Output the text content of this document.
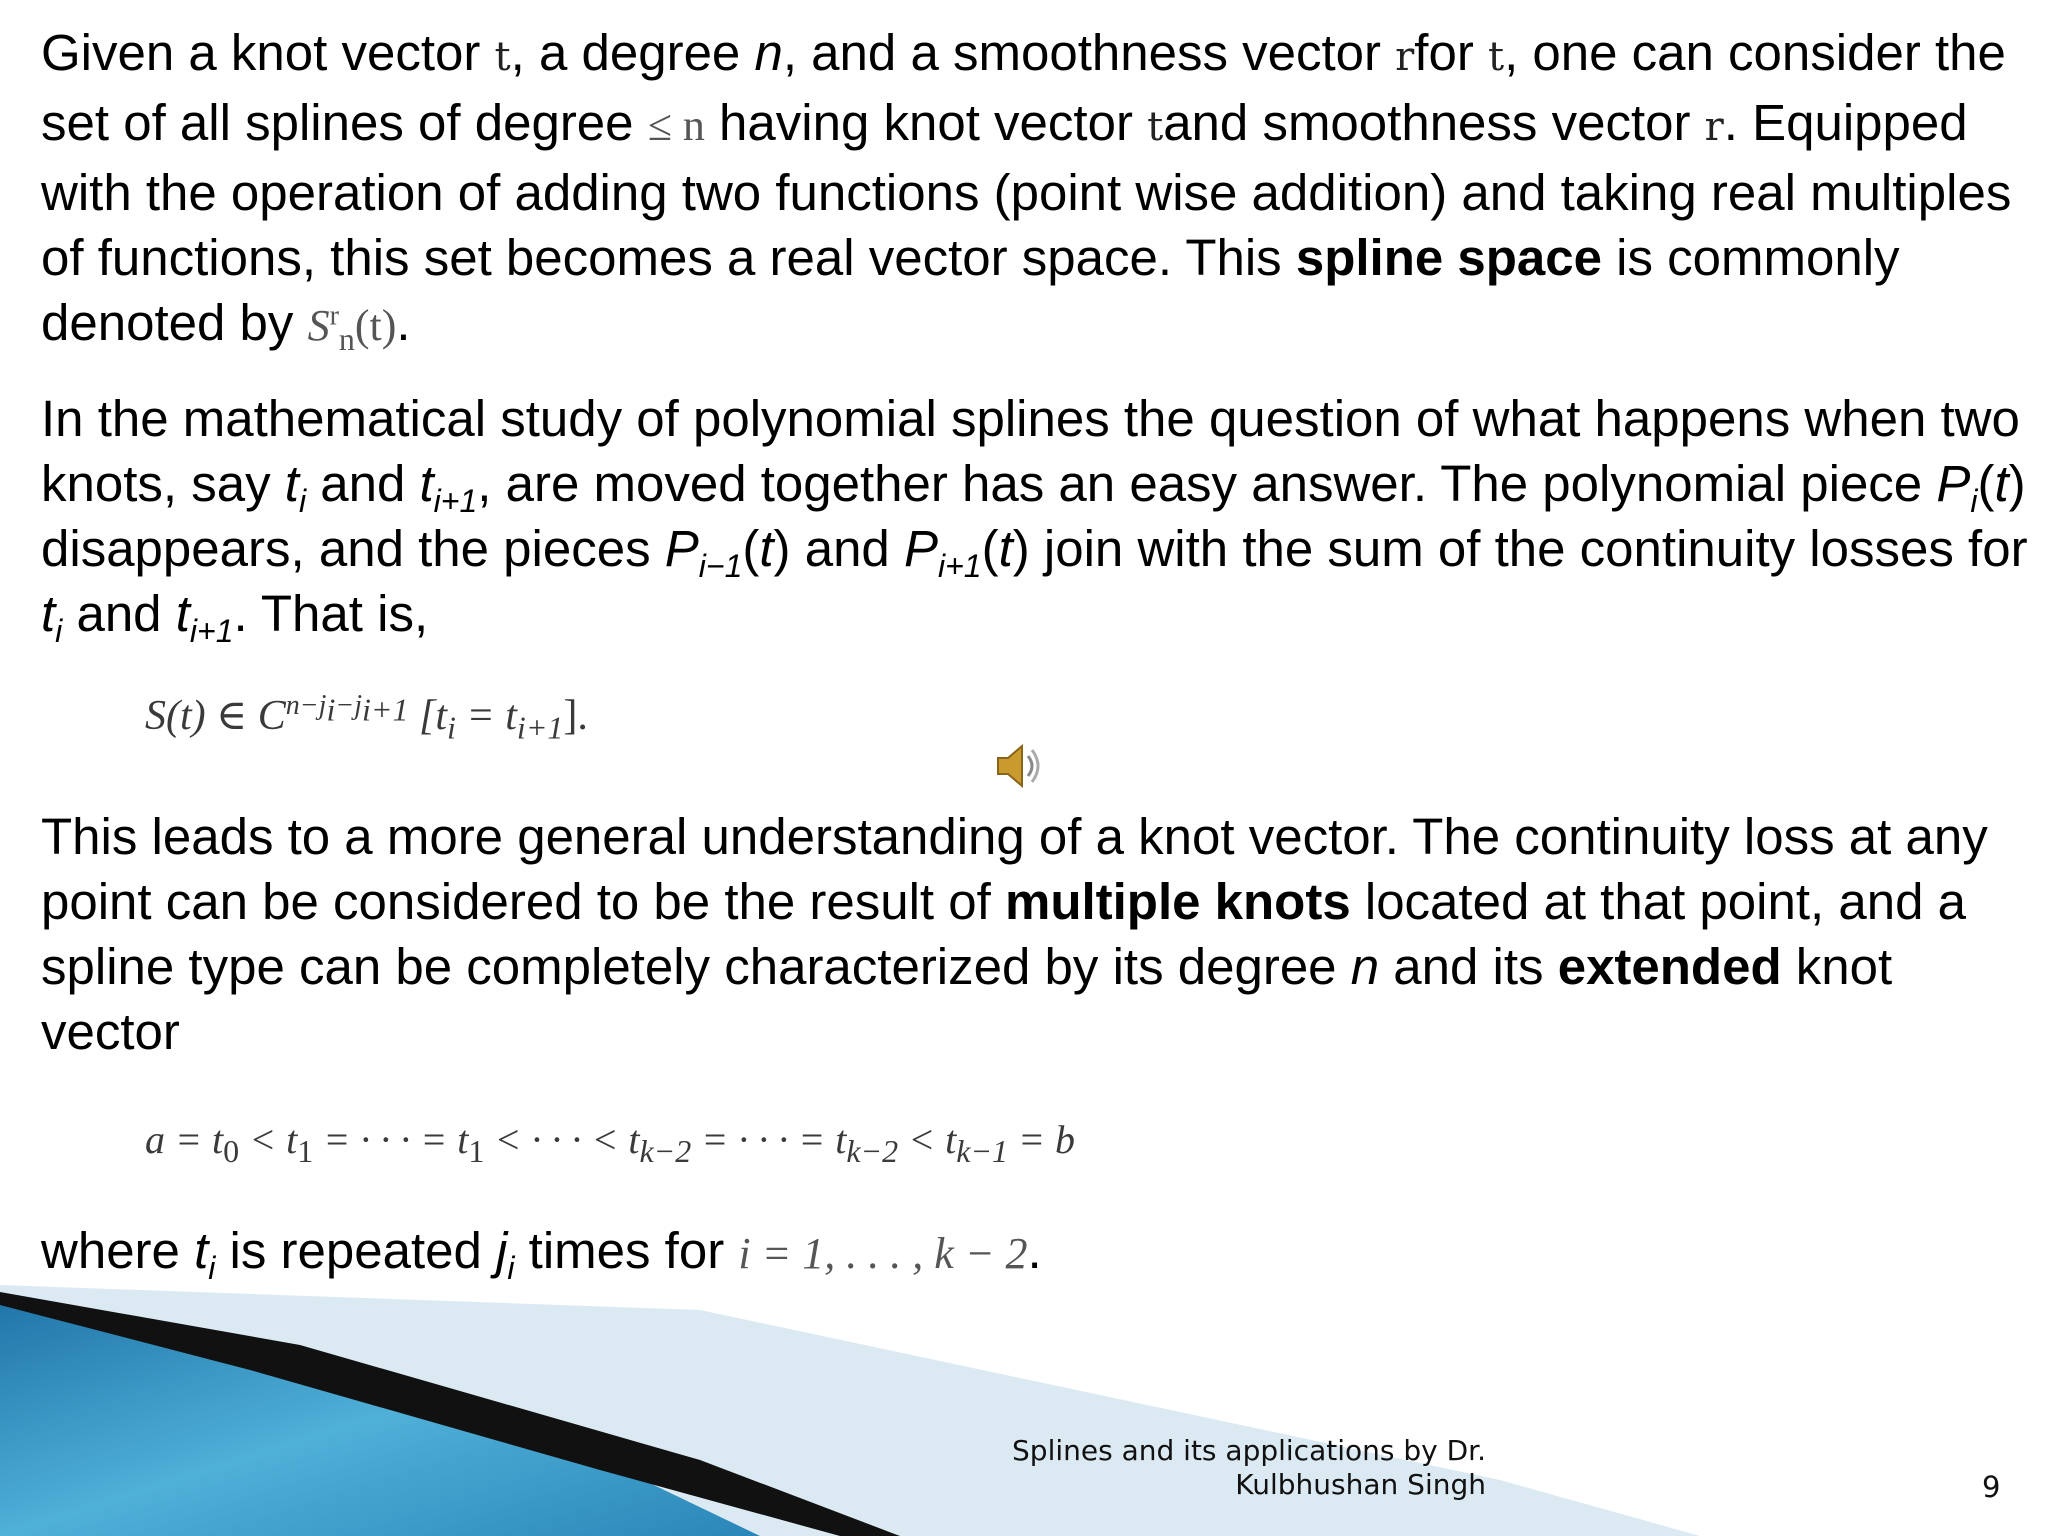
Given a knot vector t, a degree n, and a smoothness vector rfor t, one can consider the set of all splines of degree ≤ n having knot vector tand smoothness vector r. Equipped with the operation of adding two functions (point wise addition) and taking real multiples of functions, this set becomes a real vector space. This spline space is commonly denoted by $S^r_n(t)$.

In the mathematical study of polynomial splines the question of what happens when two knots, say $t_i$ and $t_{i+1}$, are moved together has an easy answer. The polynomial piece $P_i(t)$ disappears, and the pieces $P_{i-1}(t)$ and $P_{i+1}(t)$ join with the sum of the continuity losses for $t_i$ and $t_{i+1}$. That is,

S(t) ∈ $C^{n-j_i-j_{i+1}}$ $[t_i = t_{i+1}]$.

This leads to a more general understanding of a knot vector. The continuity loss at any point can be considered to be the result of multiple knots located at that point, and a spline type can be completely characterized by its degree n and its extended knot vector

$a = t_0 < t_1$ = · · · = $t_1$ < · · · < $t_{k-2}$ = · · · = $t_{k-2} < t_{k-1} = b$

where $t_i$ is repeated $j_i$ times for i = 1, . . . , k − 2.

Splines and its applications by Dr.
Kulbhushan Singh	9
